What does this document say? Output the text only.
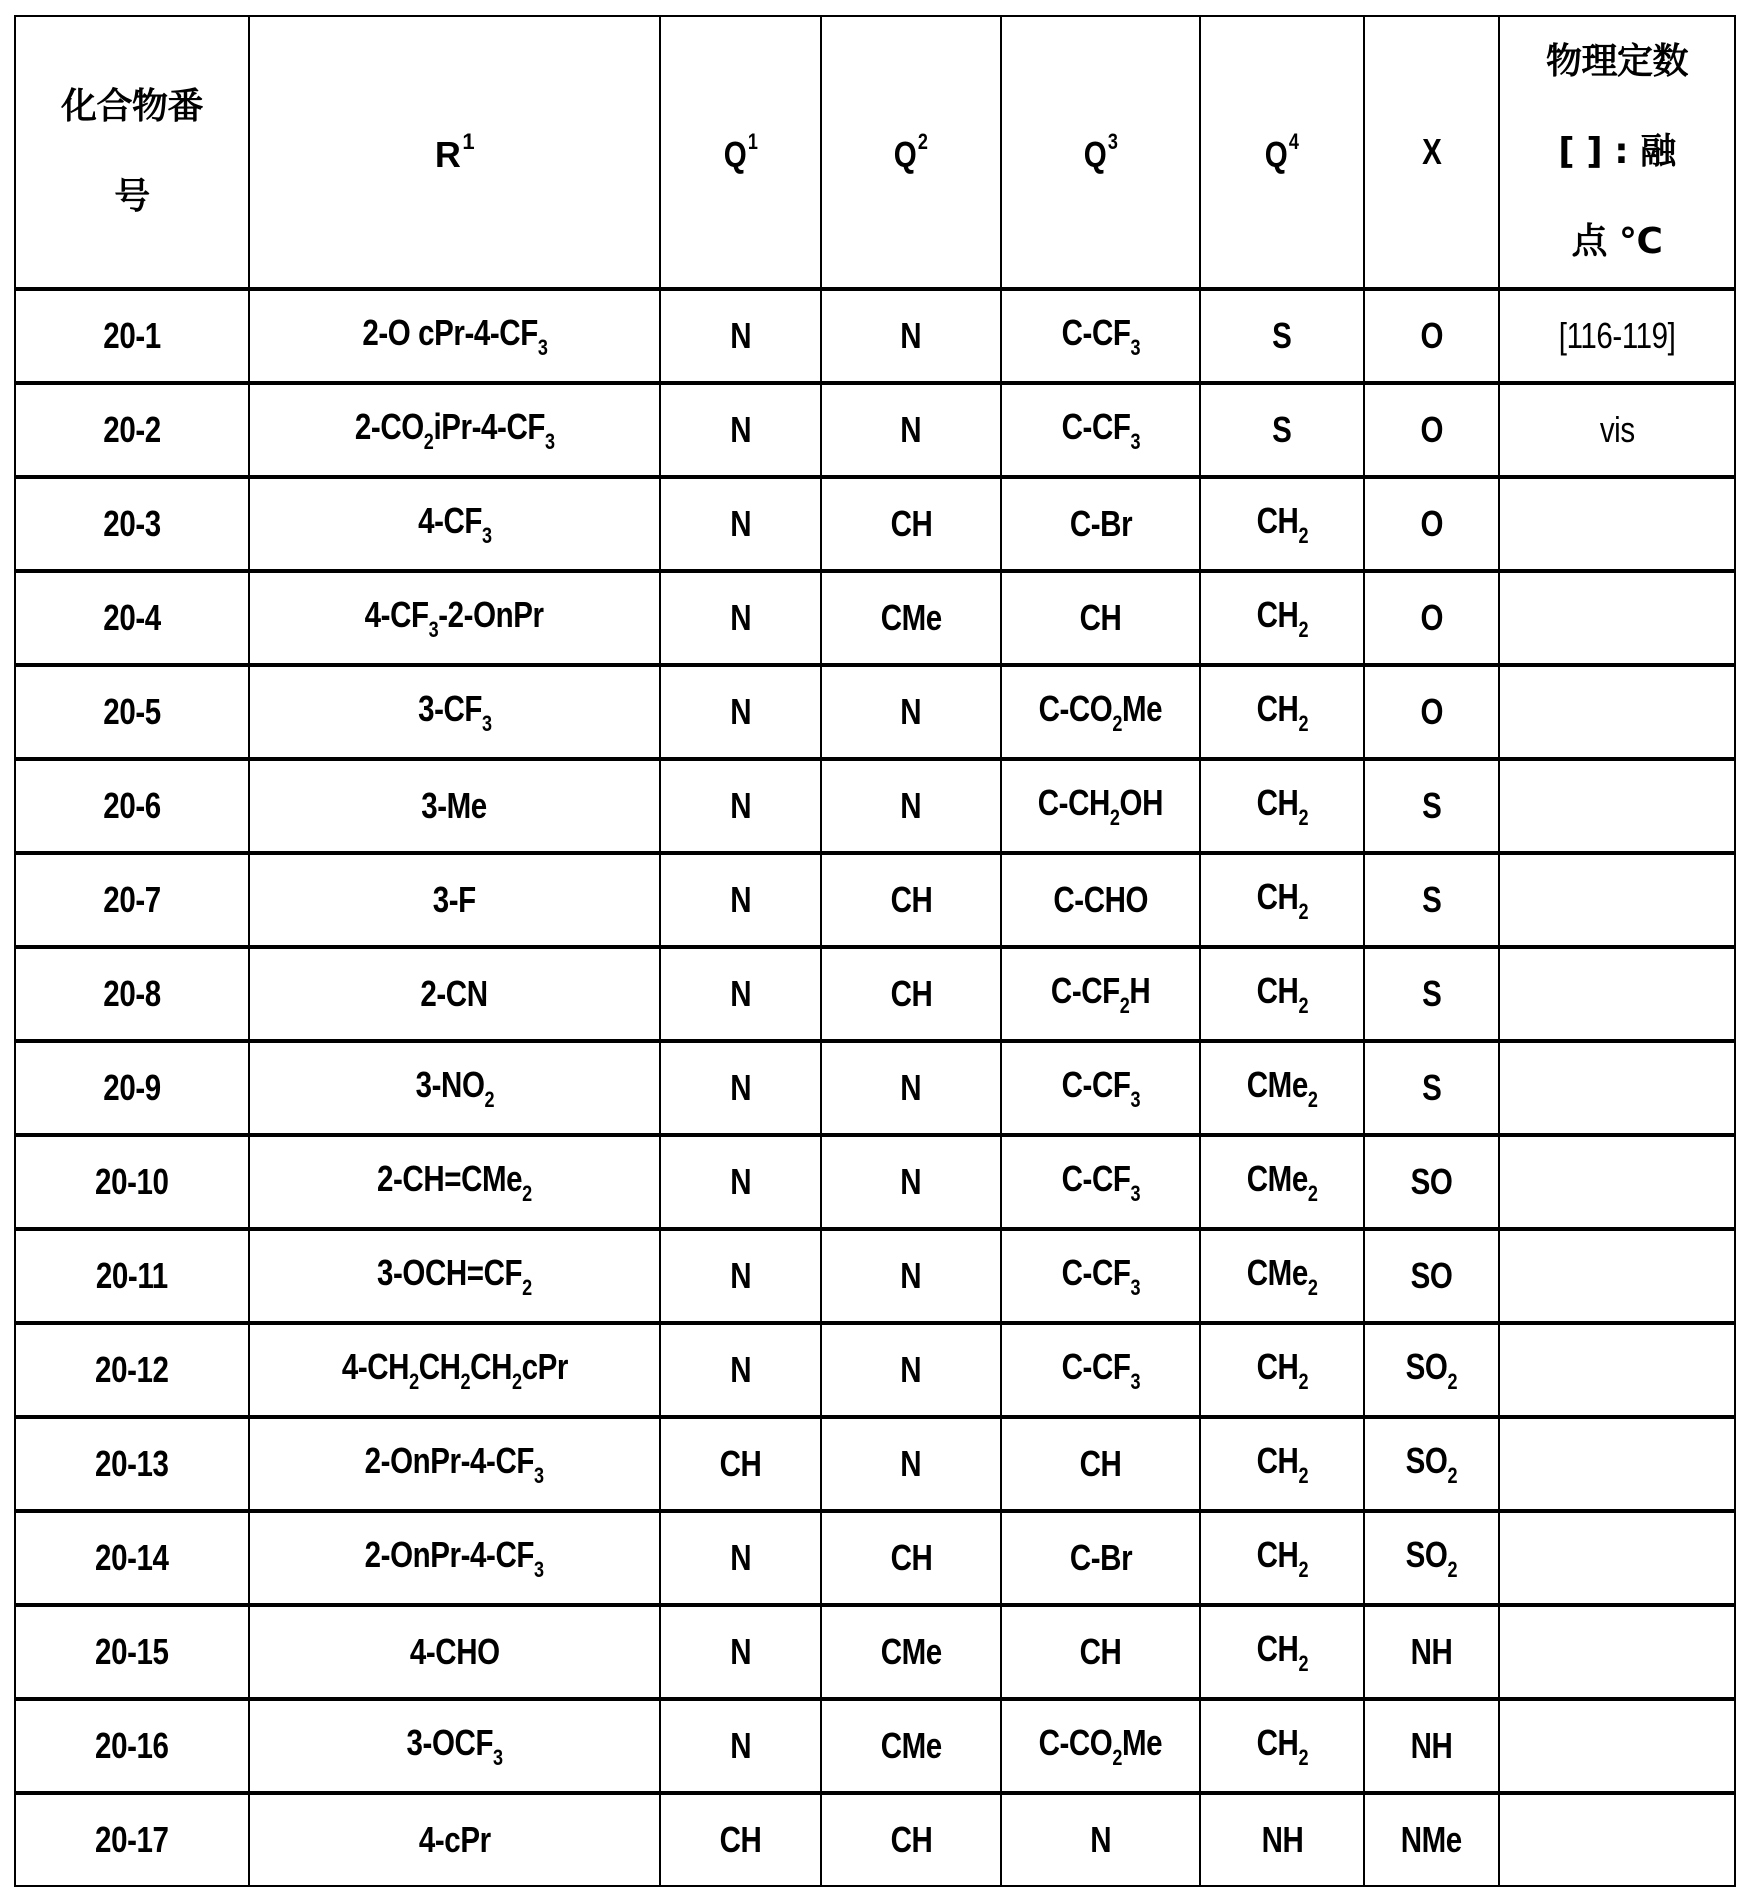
化合物番
号	$R^1$	$Q^1$	$Q^2$	$Q^3$	$Q^4$	X	物理定数
[ ] : 融
点 °C
20-1	2-O cPr-$4-CF_3$	N	N	$C-CF_3$	S	O	[116-119]
20-2	$2-CO_2iPr-4-CF_3$	N	N	$C-CF_3$	S	O	vis
20-3	$4-CF_3$	N	CH	C-Br	$CH_2$	O	
20-4	$4-CF_3-2$-OnPr	N	CMe	CH	$CH_2$	O	
20-5	$3-CF_3$	N	N	$C-CO_2Me$	$CH_2$	O	
20-6	3-Me	N	N	$C-CH_2OH$	$CH_2$	S	
20-7	3-F	N	CH	C-CHO	$CH_2$	S	
20-8	2-CN	N	CH	$C-CF_2H$	$CH_2$	S	
20-9	$3-NO_2$	N	N	$C-CF_3$	CMe$_2$	S	
20-10	2-CH=CMe$_2$	N	N	$C-CF_3$	CMe$_2$	SO	
20-11	$3-OCH=CF_2$	N	N	$C-CF_3$	CMe$_2$	SO	
20-12	$4-CH_2CH_2CH_2cPr$	N	N	$C-CF_3$	$CH_2$	$SO_2$	
20-13	$2-OnPr-4-CF_3$	CH	N	CH	$CH_2$	$SO_2$	
20-14	$2-OnPr-4-CF_3$	N	CH	C-Br	$CH_2$	$SO_2$	
20-15	4-CHO	N	CMe	CH	$CH_2$	NH	
20-16	$3-OCF_3$	N	CMe	$C-CO_2Me$	$CH_2$	NH	
20-17	4-cPr	CH	CH	N	NH	NMe	
